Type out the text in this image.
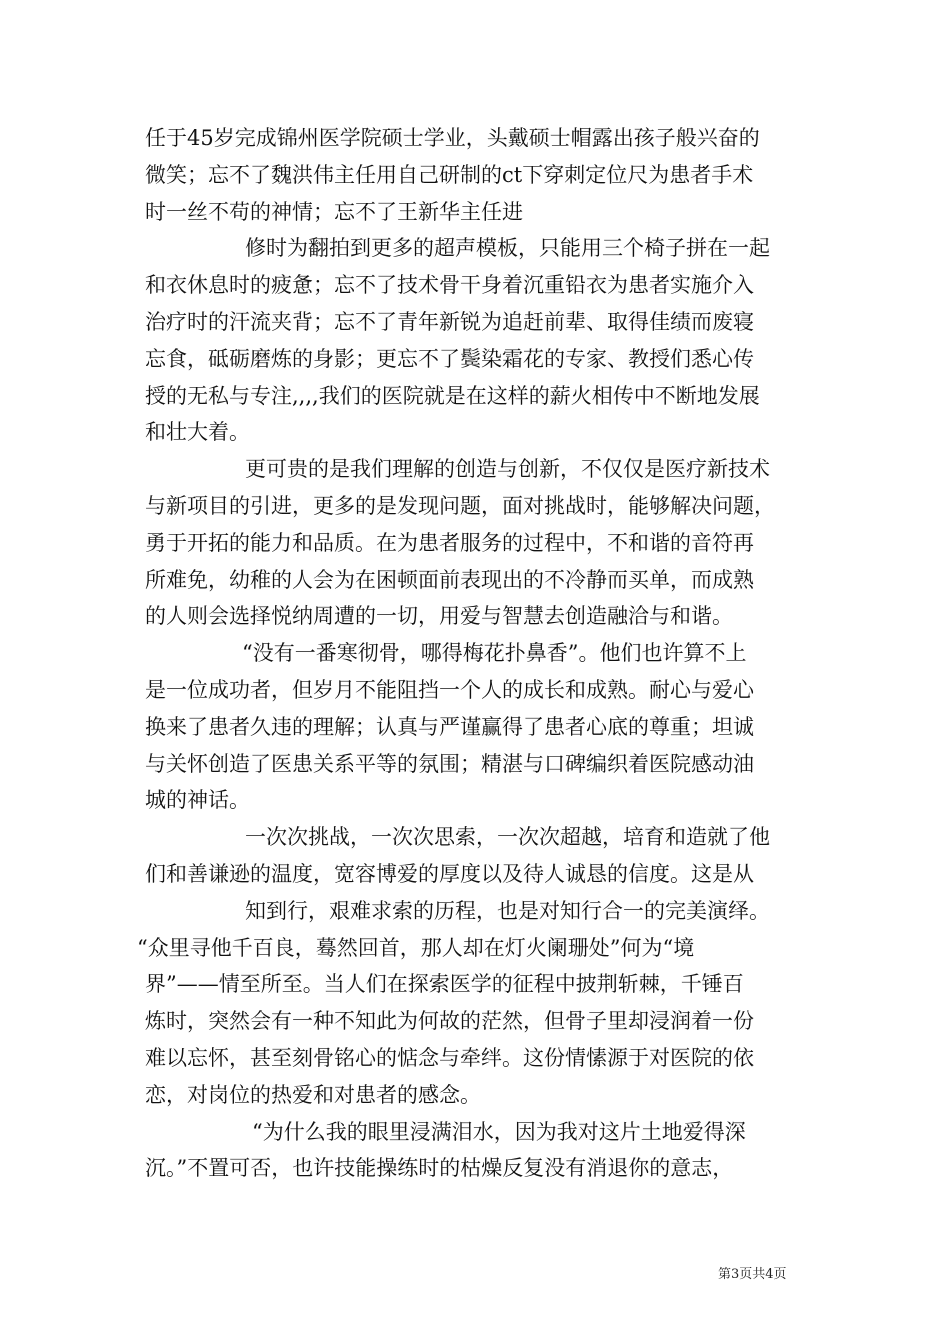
任于45岁完成锦州医学院硕士学业，头戴硕士帽露出孩子般兴奋的
微笑；忘不了魏洪伟主任用自己研制的ct下穿刺定位尺为患者手术
时一丝不苟的神情；忘不了王新华主任进
修时为翻拍到更多的超声模板，只能用三个椅子拼在一起
和衣休息时的疲惫；忘不了技术骨干身着沉重铅衣为患者实施介入
治疗时的汗流夹背；忘不了青年新锐为追赶前辈、取得佳绩而废寝
忘食，砥砺磨炼的身影；更忘不了鬓染霜花的专家、教授们悉心传
授的无私与专注,,,,我们的医院就是在这样的薪火相传中不断地发展
和壮大着。
更可贵的是我们理解的创造与创新，不仅仅是医疗新技术
与新项目的引进，更多的是发现问题，面对挑战时，能够解决问题，
勇于开拓的能力和品质。在为患者服务的过程中，不和谐的音符再
所难免，幼稚的人会为在困顿面前表现出的不冷静而买单，而成熟
的人则会选择悦纳周遭的一切，用爱与智慧去创造融洽与和谐。
“没有一番寒彻骨，哪得梅花扑鼻香”。他们也许算不上
是一位成功者，但岁月不能阻挡一个人的成长和成熟。耐心与爱心
换来了患者久违的理解；认真与严谨赢得了患者心底的尊重；坦诚
与关怀创造了医患关系平等的氛围；精湛与口碑编织着医院感动油
城的神话。
一次次挑战，一次次思索，一次次超越，培育和造就了他
们和善谦逊的温度，宽容博爱的厚度以及待人诚恳的信度。这是从
知到行，艰难求索的历程，也是对知行合一的完美演绎。
“众里寻他千百良，蓦然回首，那人却在灯火阑珊处”何为“境
界”——情至所至。当人们在探索医学的征程中披荆斩棘，千锤百
炼时，突然会有一种不知此为何故的茫然，但骨子里却浸润着一份
难以忘怀，甚至刻骨铭心的惦念与牵绊。这份情愫源于对医院的依
恋，对岗位的热爱和对患者的感念。
“为什么我的眼里浸满泪水，因为我对这片土地爱得深
沉。”不置可否，也许技能操练时的枯燥反复没有消退你的意志，
第3页共4页
